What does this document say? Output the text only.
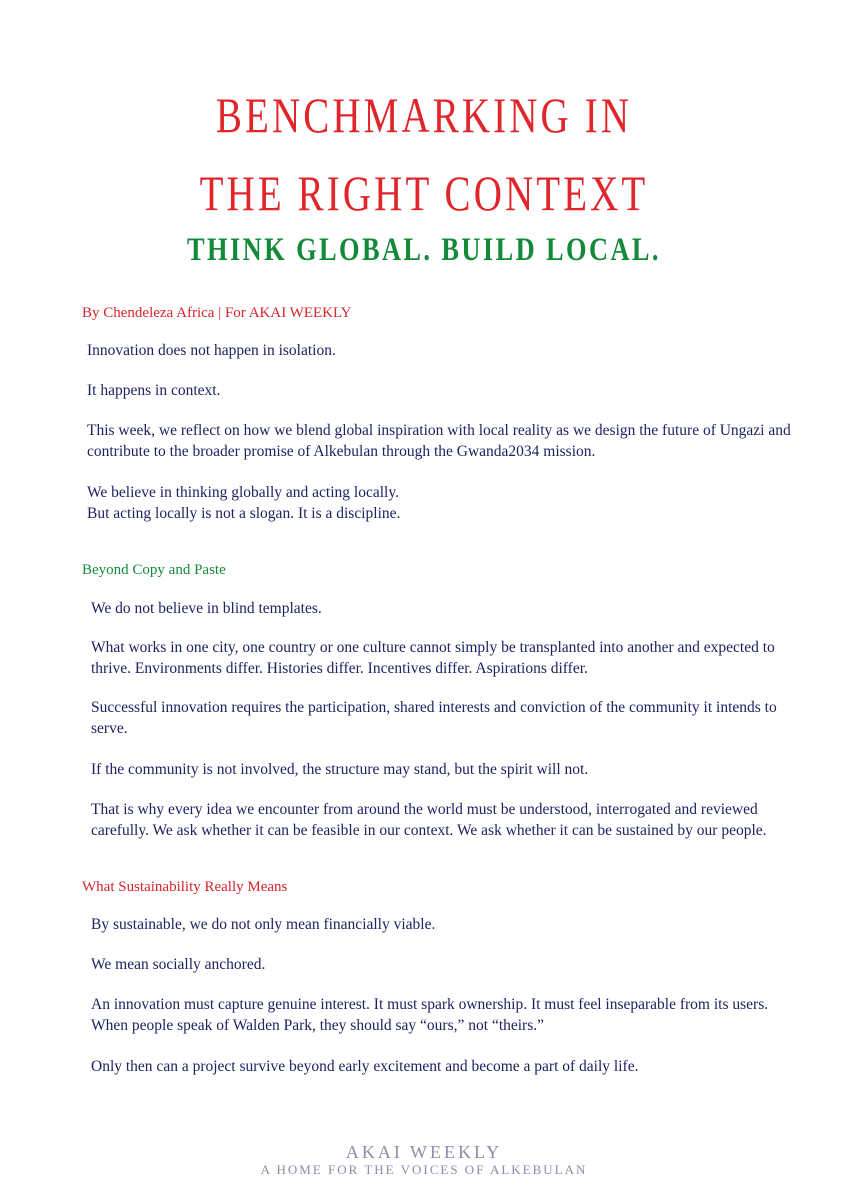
BENCHMARKING IN
THE RIGHT CONTEXT
THINK GLOBAL. BUILD LOCAL.
By Chendeleza Africa | For AKAI WEEKLY
Innovation does not happen in isolation.
It happens in context.
This week, we reflect on how we blend global inspiration with local reality as we design the future of Ungazi and
contribute to the broader promise of Alkebulan through the Gwanda2034 mission.
We believe in thinking globally and acting locally.
But acting locally is not a slogan. It is a discipline.
Beyond Copy and Paste
We do not believe in blind templates.
What works in one city, one country or one culture cannot simply be transplanted into another and expected to
thrive. Environments differ. Histories differ. Incentives differ. Aspirations differ.
Successful innovation requires the participation, shared interests and conviction of the community it intends to
serve.
If the community is not involved, the structure may stand, but the spirit will not.
That is why every idea we encounter from around the world must be understood, interrogated and reviewed
carefully. We ask whether it can be feasible in our context. We ask whether it can be sustained by our people.
What Sustainability Really Means
By sustainable, we do not only mean financially viable.
We mean socially anchored.
An innovation must capture genuine interest. It must spark ownership. It must feel inseparable from its users.
When people speak of Walden Park, they should say “ours,” not “theirs.”
Only then can a project survive beyond early excitement and become a part of daily life.
AKAI WEEKLY
A HOME FOR THE VOICES OF ALKEBULAN
